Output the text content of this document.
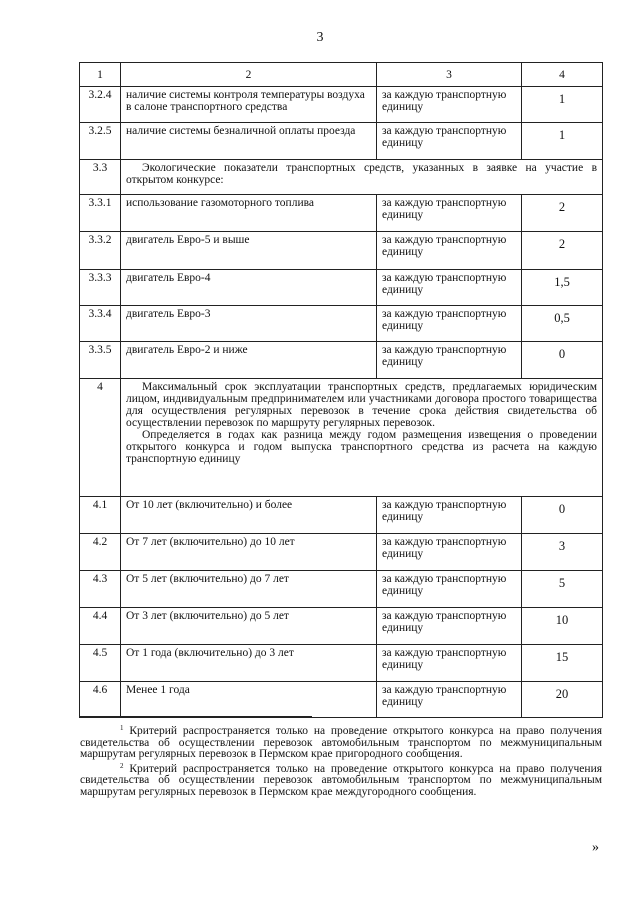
3
1	2	3	4
3.2.4	наличие системы контроля температуры воздуха в салоне транспортного средства	за каждую транспортную единицу	1
3.2.5	наличие системы безналичной оплаты проезда	за каждую транспортную единицу	1
3.3	Экологические показатели транспортных средств, указанных в заявке на участие в открытом конкурсе:		

3.3.1	использование газомоторного топлива	за каждую транспортную единицу	2
3.3.2	двигатель Евро-5 и выше	за каждую транспортную единицу	2
3.3.3	двигатель Евро-4	за каждую транспортную единицу	1,5
3.3.4	двигатель Евро-3	за каждую транспортную единицу	0,5
3.3.5	двигатель Евро-2 и ниже	за каждую транспортную единицу	0
4	Максимальный срок эксплуатации транспортных средств, предлагаемых юридическим лицом, индивидуальным предпринимателем или участниками договора простого товарищества для осуществления регулярных перевозок в течение срока действия свидетельства об осуществлении перевозок по маршруту регулярных перевозок.
Определяется в годах как разница между годом размещения извещения о проведении открытого конкурса и годом выпуска транспортного средства из расчета на каждую транспортную единицу		

4.1	От 10 лет (включительно) и более	за каждую транспортную единицу	0
4.2	От 7 лет (включительно) до 10 лет	за каждую транспортную единицу	3
4.3	От 5 лет (включительно) до 7 лет	за каждую транспортную единицу	5
4.4	От 3 лет (включительно) до 5 лет	за каждую транспортную единицу	10
4.5	От 1 года (включительно) до 3 лет	за каждую транспортную единицу	15
4.6	Менее 1 года	за каждую транспортную единицу	20

$^1$ Критерий распространяется только на проведение открытого конкурса на право получения свидетельства об осуществлении перевозок автомобильным транспортом по межмуниципальным маршрутам регулярных перевозок в Пермском крае пригородного сообщения.

$^2$ Критерий распространяется только на проведение открытого конкурса на право получения свидетельства об осуществлении перевозок автомобильным транспортом по межмуниципальным маршрутам регулярных перевозок в Пермском крае междугородного сообщения.

»
